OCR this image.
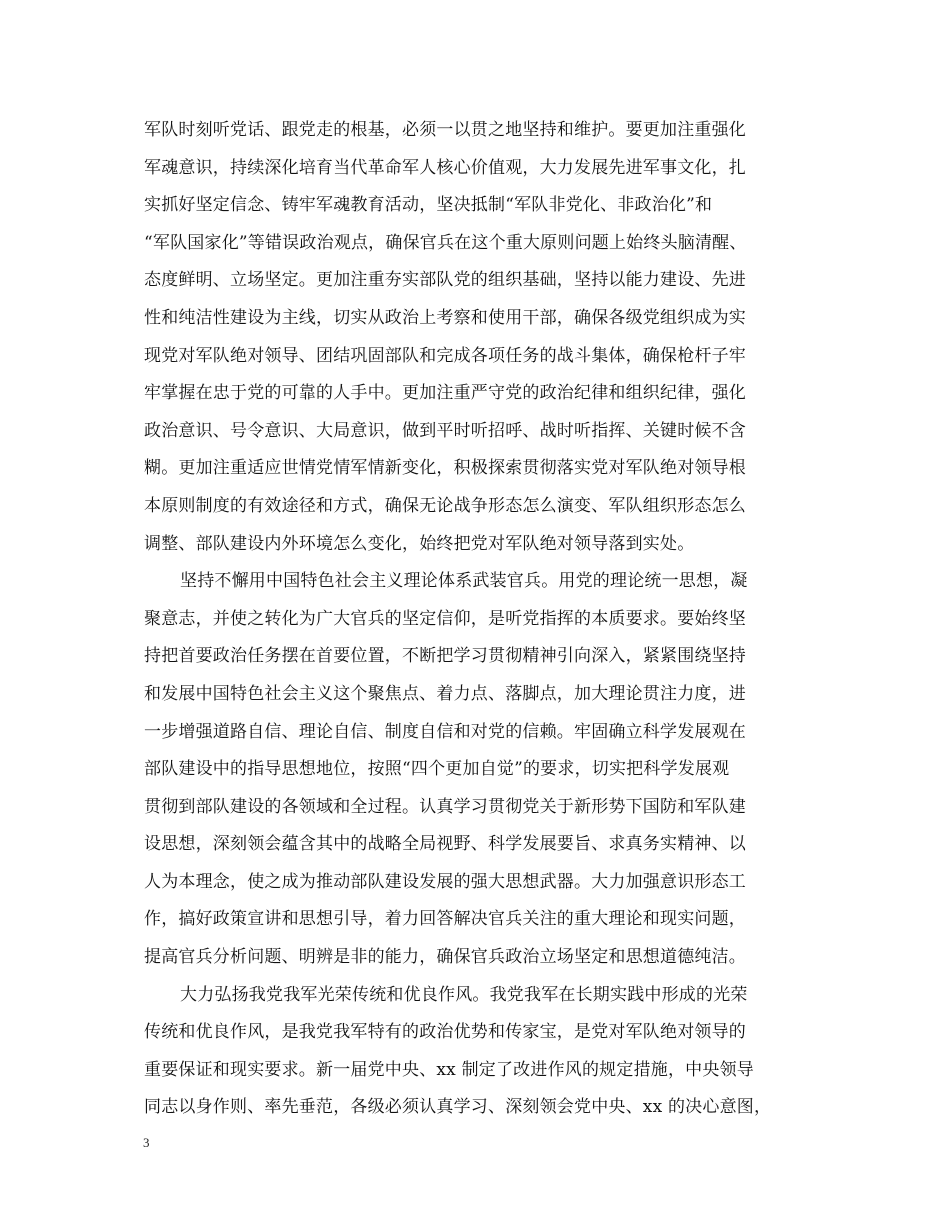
军队时刻听党话、跟党走的根基，必须一以贯之地坚持和维护。要更加注重强化
军魂意识，持续深化培育当代革命军人核心价值观，大力发展先进军事文化，扎
实抓好坚定信念、铸牢军魂教育活动，坚决抵制“军队非党化、非政治化”和
“军队国家化”等错误政治观点，确保官兵在这个重大原则问题上始终头脑清醒、
态度鲜明、立场坚定。更加注重夯实部队党的组织基础，坚持以能力建设、先进
性和纯洁性建设为主线，切实从政治上考察和使用干部，确保各级党组织成为实
现党对军队绝对领导、团结巩固部队和完成各项任务的战斗集体，确保枪杆子牢
牢掌握在忠于党的可靠的人手中。更加注重严守党的政治纪律和组织纪律，强化
政治意识、号令意识、大局意识，做到平时听招呼、战时听指挥、关键时候不含
糊。更加注重适应世情党情军情新变化，积极探索贯彻落实党对军队绝对领导根
本原则制度的有效途径和方式，确保无论战争形态怎么演变、军队组织形态怎么
调整、部队建设内外环境怎么变化，始终把党对军队绝对领导落到实处。
坚持不懈用中国特色社会主义理论体系武装官兵。用党的理论统一思想，凝
聚意志，并使之转化为广大官兵的坚定信仰，是听党指挥的本质要求。要始终坚
持把首要政治任务摆在首要位置，不断把学习贯彻精神引向深入，紧紧围绕坚持
和发展中国特色社会主义这个聚焦点、着力点、落脚点，加大理论贯注力度，进
一步增强道路自信、理论自信、制度自信和对党的信赖。牢固确立科学发展观在
部队建设中的指导思想地位，按照“四个更加自觉”的要求，切实把科学发展观
贯彻到部队建设的各领域和全过程。认真学习贯彻党关于新形势下国防和军队建
设思想，深刻领会蕴含其中的战略全局视野、科学发展要旨、求真务实精神、以
人为本理念，使之成为推动部队建设发展的强大思想武器。大力加强意识形态工
作，搞好政策宣讲和思想引导，着力回答解决官兵关注的重大理论和现实问题，
提高官兵分析问题、明辨是非的能力，确保官兵政治立场坚定和思想道德纯洁。
大力弘扬我党我军光荣传统和优良作风。我党我军在长期实践中形成的光荣
传统和优良作风，是我党我军特有的政治优势和传家宝，是党对军队绝对领导的
重要保证和现实要求。新一届党中央、xx 制定了改进作风的规定措施，中央领导
同志以身作则、率先垂范，各级必须认真学习、深刻领会党中央、xx 的决心意图，
3
